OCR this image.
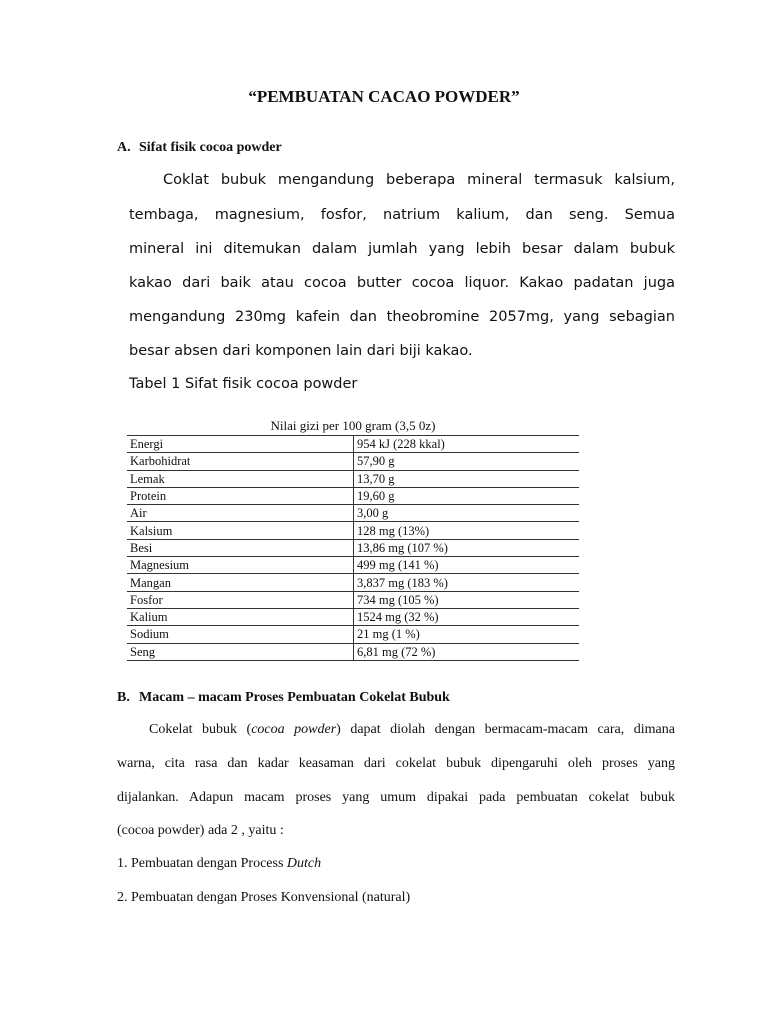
“PEMBUATAN CACAO POWDER”
A. Sifat fisik cocoa powder
Coklat bubuk mengandung beberapa mineral termasuk kalsium,
tembaga, magnesium, fosfor, natrium kalium, dan seng. Semua
mineral ini ditemukan dalam jumlah yang lebih besar dalam bubuk
kakao dari baik atau cocoa butter cocoa liquor. Kakao padatan juga
mengandung 230mg kafein dan theobromine 2057mg, yang sebagian
besar absen dari komponen lain dari biji kakao.
Tabel 1 Sifat fisik cocoa powder
Nilai gizi per 100 gram (3,5 0z)
Energi	954 kJ (228 kkal)
Karbohidrat	57,90 g
Lemak	13,70 g
Protein	19,60 g
Air	3,00 g
Kalsium	128 mg (13%)
Besi	13,86 mg (107 %)
Magnesium	499 mg (141 %)
Mangan	3,837 mg (183 %)
Fosfor	734 mg (105 %)
Kalium	1524 mg (32 %)
Sodium	21 mg (1 %)
Seng	6,81 mg (72 %)
B. Macam – macam Proses Pembuatan Cokelat Bubuk
Cokelat bubuk (cocoa powder) dapat diolah dengan bermacam-macam cara, dimana
warna, cita rasa dan kadar keasaman dari cokelat bubuk dipengaruhi oleh proses yang
dijalankan. Adapun macam proses yang umum dipakai pada pembuatan cokelat bubuk
(cocoa powder) ada 2 , yaitu :
1. Pembuatan dengan Process Dutch
2. Pembuatan dengan Proses Konvensional (natural)
